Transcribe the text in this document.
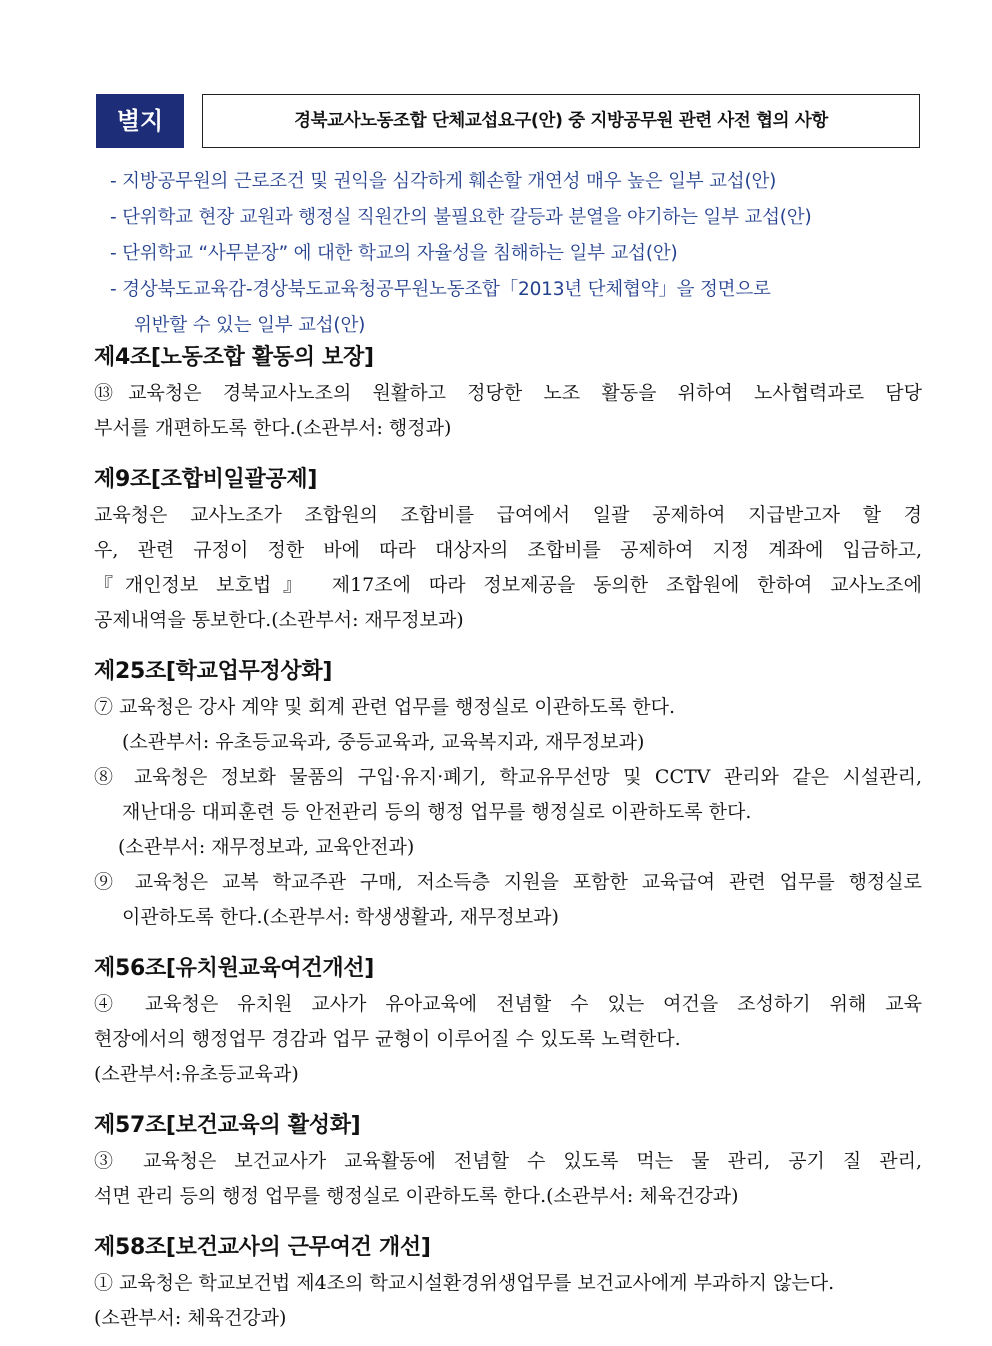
별지	경북교사노동조합 단체교섭요구(안) 중 지방공무원 관련 사전 협의 사항
- 지방공무원의 근로조건 및 권익을 심각하게 훼손할 개연성 매우 높은 일부 교섭(안)
- 단위학교 현장 교원과 행정실 직원간의 불필요한 갈등과 분열을 야기하는 일부 교섭(안)
- 단위학교 “사무분장” 에 대한 학교의 자율성을 침해하는 일부 교섭(안)
- 경상북도교육감-경상북도교육청공무원노동조합「2013년 단체협약」을 정면으로
위반할 수 있는 일부 교섭(안)
제4조[노동조합 활동의 보장]
⑬교육청은 경북교사노조의 원활하고 정당한 노조 활동을 위하여 노사협력과로 담당
부서를 개편하도록 한다.(소관부서: 행정과)
제9조[조합비일괄공제]
교육청은 교사노조가 조합원의 조합비를 급여에서 일괄 공제하여 지급받고자 할 경
우, 관련 규정이 정한 바에 따라 대상자의 조합비를 공제하여 지정 계좌에 입금하고,
『개인정보 보호법』 제17조에 따라 정보제공을 동의한 조합원에 한하여 교사노조에
공제내역을 통보한다.(소관부서: 재무정보과)
제25조[학교업무정상화]
⑦ 교육청은 강사 계약 및 회계 관련 업무를 행정실로 이관하도록 한다.
(소관부서: 유초등교육과, 중등교육과, 교육복지과, 재무정보과)
⑧ 교육청은 정보화 물품의 구입·유지·폐기, 학교유무선망 및 CCTV 관리와 같은 시설관리,
재난대응 대피훈련 등 안전관리 등의 행정 업무를 행정실로 이관하도록 한다.
(소관부서: 재무정보과, 교육안전과)
⑨ 교육청은 교복 학교주관 구매, 저소득층 지원을 포함한 교육급여 관련 업무를 행정실로
이관하도록 한다.(소관부서: 학생생활과, 재무정보과)
제56조[유치원교육여건개선]
④ 교육청은 유치원 교사가 유아교육에 전념할 수 있는 여건을 조성하기 위해 교육
현장에서의 행정업무 경감과 업무 균형이 이루어질 수 있도록 노력한다.
(소관부서:유초등교육과)
제57조[보건교육의 활성화]
③ 교육청은 보건교사가 교육활동에 전념할 수 있도록 먹는 물 관리, 공기 질 관리,
석면 관리 등의 행정 업무를 행정실로 이관하도록 한다.(소관부서: 체육건강과)
제58조[보건교사의 근무여건 개선]
① 교육청은 학교보건법 제4조의 학교시설환경위생업무를 보건교사에게 부과하지 않는다.
(소관부서: 체육건강과)
